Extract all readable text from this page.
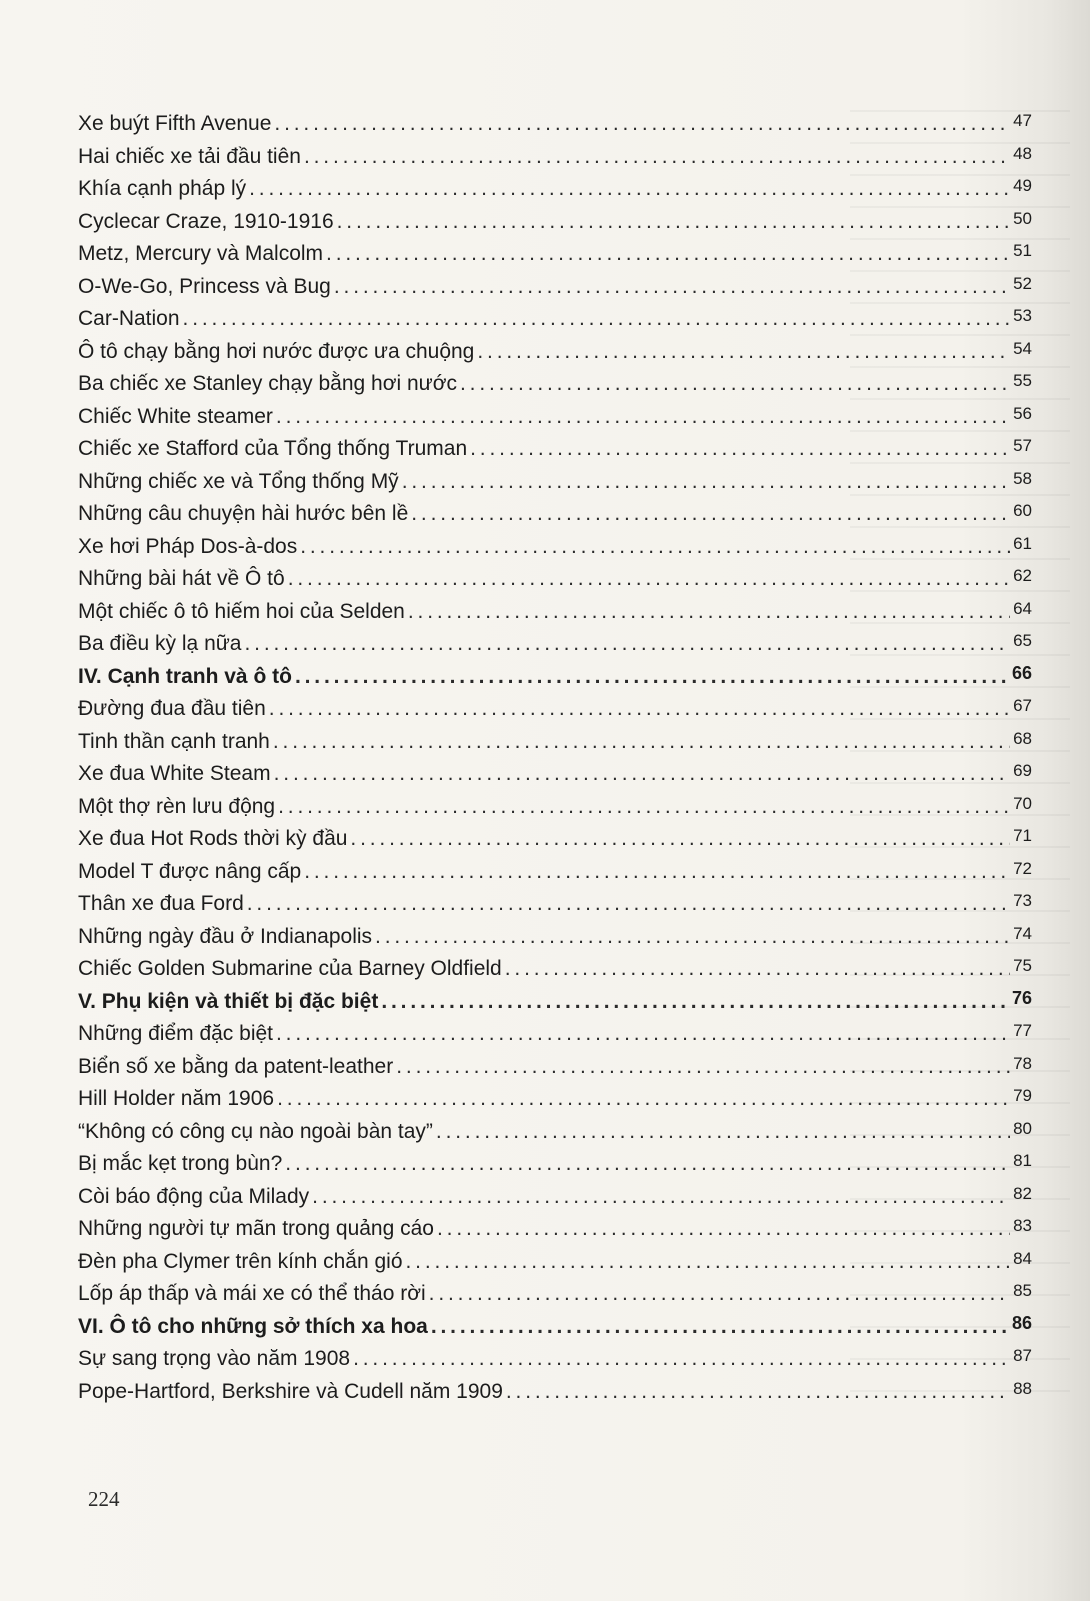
Xe buýt Fifth Avenue . . .	47
Hai chiếc xe tải đầu tiên . . .	48
Khía cạnh pháp lý . . .	49
Cyclecar Craze, 1910-1916 . . .	50
Metz, Mercury và Malcolm . . .	51
O-We-Go, Princess và Bug . . .	52
Car-Nation . . .	53
Ô tô chạy bằng hơi nước được ưa chuộng . . .	54
Ba chiếc xe Stanley chạy bằng hơi nước . . .	55
Chiếc White steamer . . .	56
Chiếc xe Stafford của Tổng thống Truman . . .	57
Những chiếc xe và Tổng thống Mỹ . . .	58
Những câu chuyện hài hước bên lề . . .	60
Xe hơi Pháp Dos-à-dos . . .	61
Những bài hát về Ô tô . . .	62
Một chiếc ô tô hiếm hoi của Selden . . .	64
Ba điều kỳ lạ nữa . . .	65
IV. Cạnh tranh và ô tô . . .	66
Đường đua đầu tiên . . .	67
Tinh thần cạnh tranh . . .	68
Xe đua White Steam . . .	69
Một thợ rèn lưu động . . .	70
Xe đua Hot Rods thời kỳ đầu . . .	71
Model T được nâng cấp . . .	72
Thân xe đua Ford . . .	73
Những ngày đầu ở Indianapolis . . .	74
Chiếc Golden Submarine của Barney Oldfield . . .	75
V. Phụ kiện và thiết bị đặc biệt . . .	76
Những điểm đặc biệt . . .	77
Biển số xe bằng da patent-leather . . .	78
Hill Holder năm 1906 . . .	79
“Không có công cụ nào ngoài bàn tay” . . .	80
Bị mắc kẹt trong bùn? . . .	81
Còi báo động của Milady . . .	82
Những người tự mãn trong quảng cáo . . .	83
Đèn pha Clymer trên kính chắn gió . . .	84
Lốp áp thấp và mái xe có thể tháo rời . . .	85
VI. Ô tô cho những sở thích xa hoa . . .	86
Sự sang trọng vào năm 1908 . . .	87
Pope-Hartford, Berkshire và Cudell năm 1909 . . .	88
224
